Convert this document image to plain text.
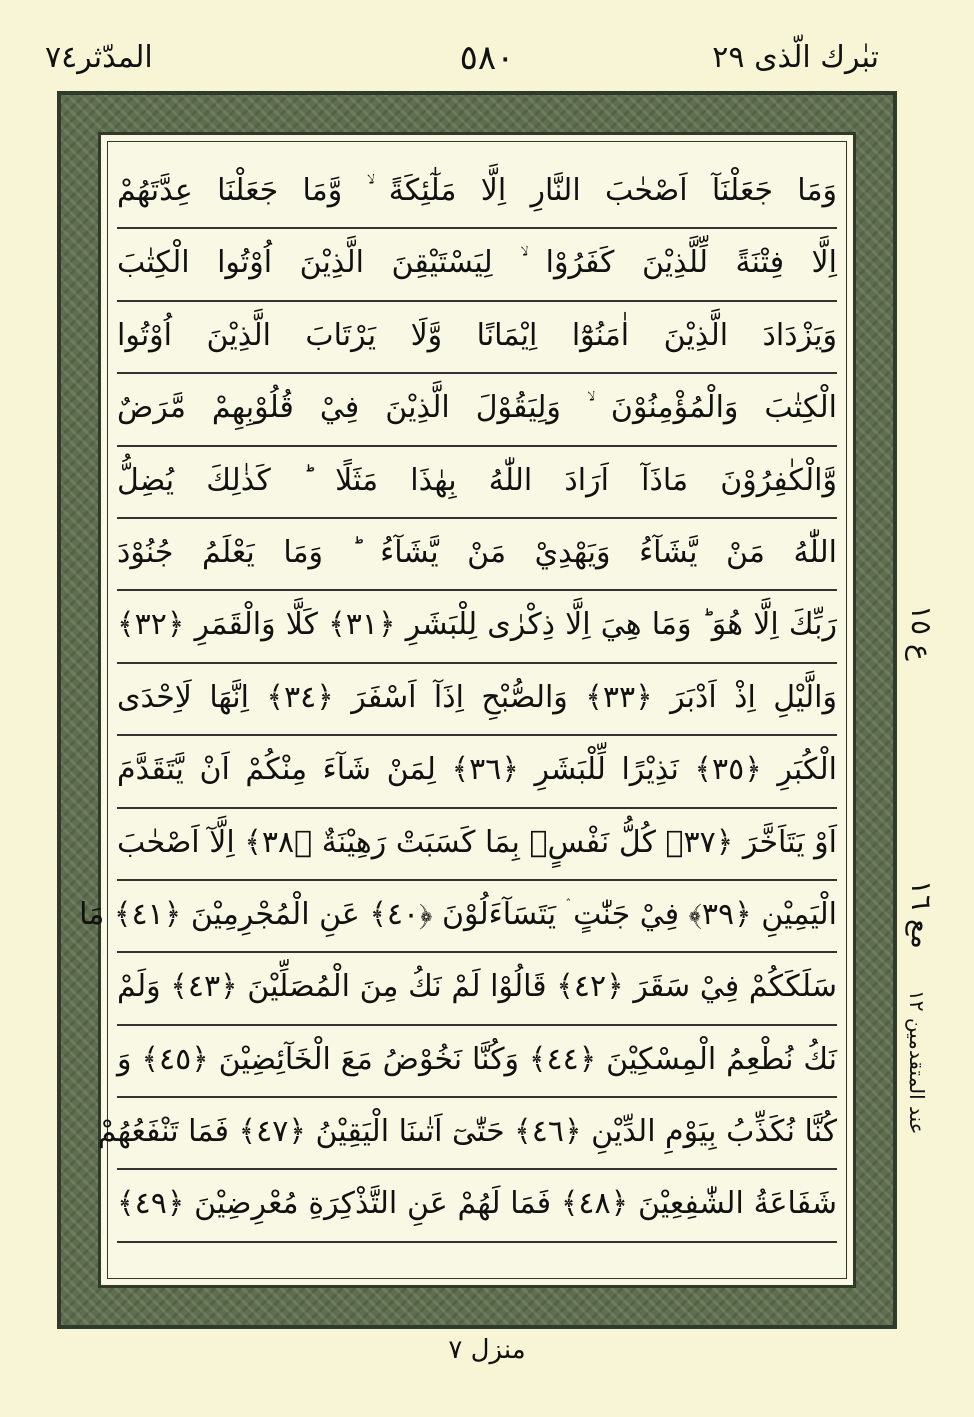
المدّثر٧٤	٥٨٠	تبٰرك الّذى ٢٩
وَمَا جَعَلْنَآ اَصْحٰبَ النَّارِ اِلَّا مَلٰٓئِكَةً ۙ وَّمَا جَعَلْنَا عِدَّتَهُمْ
اِلَّا فِتْنَةً لِّلَّذِيْنَ كَفَرُوْا ۙ لِيَسْتَيْقِنَ الَّذِيْنَ اُوْتُوا الْكِتٰبَ
وَيَزْدَادَ الَّذِيْنَ اٰمَنُوْٓا اِيْمَانًا وَّلَا يَرْتَابَ الَّذِيْنَ اُوْتُوا
الْكِتٰبَ وَالْمُؤْمِنُوْنَ ۙ وَلِيَقُوْلَ الَّذِيْنَ فِيْ قُلُوْبِهِمْ مَّرَضٌ
وَّالْكٰفِرُوْنَ مَاذَآ اَرَادَ اللّٰهُ بِهٰذَا مَثَلًا ؕ كَذٰلِكَ يُضِلُّ
اللّٰهُ مَنْ يَّشَآءُ وَيَهْدِيْ مَنْ يَّشَآءُ ؕ وَمَا يَعْلَمُ جُنُوْدَ
رَبِّكَ اِلَّا هُوَ ؕ وَمَا هِيَ اِلَّا ذِكْرٰى لِلْبَشَرِ ﴿٣١﴾ كَلَّا وَالْقَمَرِ ﴿٣٢﴾
وَالَّيْلِ اِذْ اَدْبَرَ ﴿٣٣﴾ وَالصُّبْحِ اِذَآ اَسْفَرَ ﴿٣٤﴾ اِنَّهَا لَاِحْدَى
الْكُبَرِ ﴿٣٥﴾ نَذِيْرًا لِّلْبَشَرِ ﴿٣٦﴾ لِمَنْ شَآءَ مِنْكُمْ اَنْ يَّتَقَدَّمَ
اَوْ يَتَاَخَّرَ ﴿٣٧﴾ كُلُّ نَفْسٍۢ بِمَا كَسَبَتْ رَهِيْنَةٌ ﴿٣٨﴾ اِلَّآ اَصْحٰبَ
الْيَمِيْنِ ﴿٣٩﴾ فِيْ جَنّٰتٍ ۛ يَتَسَآءَلُوْنَ ﴿٤٠﴾ عَنِ الْمُجْرِمِيْنَ ﴿٤١﴾ مَا
سَلَكَكُمْ فِيْ سَقَرَ ﴿٤٢﴾ قَالُوْا لَمْ نَكُ مِنَ الْمُصَلِّيْنَ ﴿٤٣﴾ وَلَمْ
نَكُ نُطْعِمُ الْمِسْكِيْنَ ﴿٤٤﴾ وَكُنَّا نَخُوْضُ مَعَ الْخَآئِضِيْنَ ﴿٤٥﴾ وَ
كُنَّا نُكَذِّبُ بِيَوْمِ الدِّيْنِ ﴿٤٦﴾ حَتّٰىٓ اَتٰىنَا الْيَقِيْنُ ﴿٤٧﴾ فَمَا تَنْفَعُهُمْ
شَفَاعَةُ الشّٰفِعِيْنَ ﴿٤٨﴾ فَمَا لَهُمْ عَنِ التَّذْكِرَةِ مُعْرِضِيْنَ ﴿٤٩﴾
ع ١٥
مع ١٦
عند المتقدمين ١٢
منزل ٧
